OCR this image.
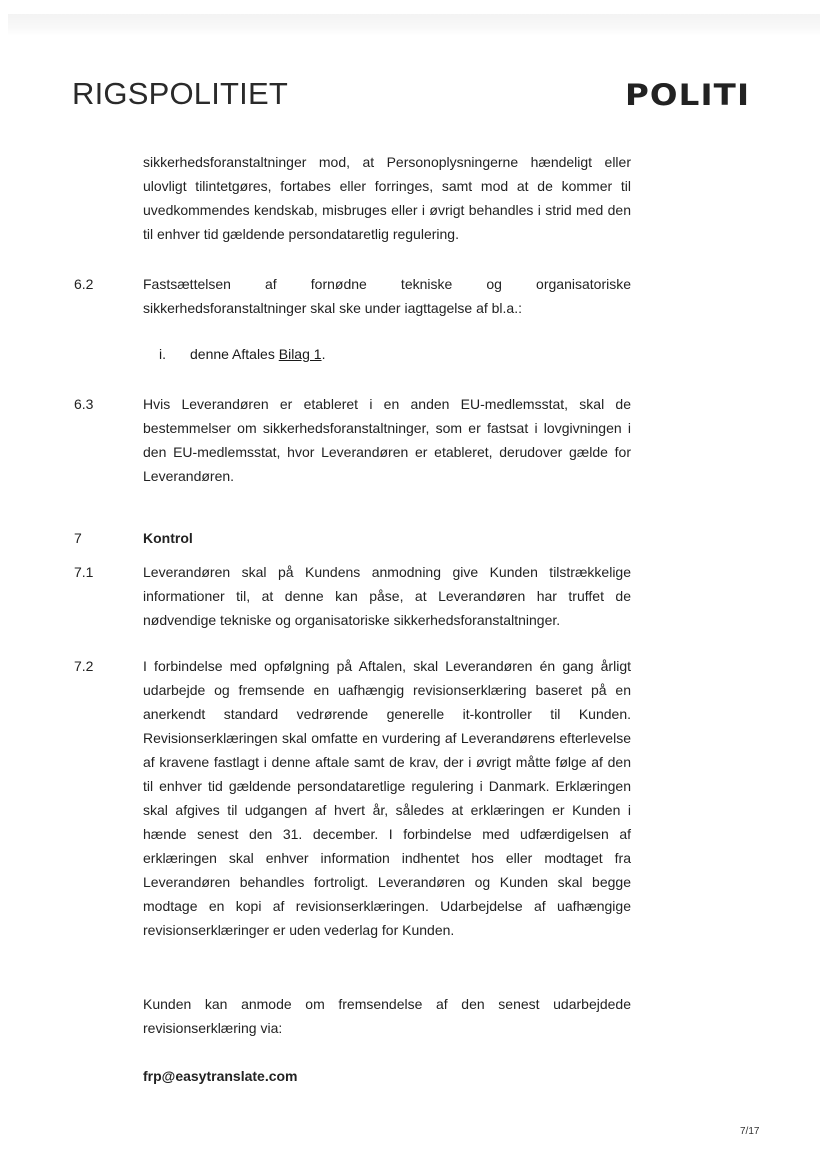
RIGSPOLITIET	POLITI
sikkerhedsforanstaltninger mod, at Personoplysningerne hændeligt eller ulovligt tilintetgøres, fortabes eller forringes, samt mod at de kommer til uvedkommendes kendskab, misbruges eller i øvrigt behandles i strid med den til enhver tid gældende persondataretlig regulering.
6.2	Fastsættelsen af fornødne tekniske og organisatoriske sikkerhedsforanstaltninger skal ske under iagttagelse af bl.a.:
i. denne Aftales Bilag 1.
6.3	Hvis Leverandøren er etableret i en anden EU-medlemsstat, skal de bestemmelser om sikkerhedsforanstaltninger, som er fastsat i lovgivningen i den EU-medlemsstat, hvor Leverandøren er etableret, derudover gælde for Leverandøren.
7	Kontrol
7.1	Leverandøren skal på Kundens anmodning give Kunden tilstrækkelige informationer til, at denne kan påse, at Leverandøren har truffet de nødvendige tekniske og organisatoriske sikkerhedsforanstaltninger.
7.2	I forbindelse med opfølgning på Aftalen, skal Leverandøren én gang årligt udarbejde og fremsende en uafhængig revisionserklæring baseret på en anerkendt standard vedrørende generelle it-kontroller til Kunden. Revisionserklæringen skal omfatte en vurdering af Leverandørens efterlevelse af kravene fastlagt i denne aftale samt de krav, der i øvrigt måtte følge af den til enhver tid gældende persondataretlige regulering i Danmark. Erklæringen skal afgives til udgangen af hvert år, således at erklæringen er Kunden i hænde senest den 31. december. I forbindelse med udfærdigelsen af erklæringen skal enhver information indhentet hos eller modtaget fra Leverandøren behandles fortroligt. Leverandøren og Kunden skal begge modtage en kopi af revisionserklæringen. Udarbejdelse af uafhængige revisionserklæringer er uden vederlag for Kunden.
Kunden kan anmode om fremsendelse af den senest udarbejdede revisionserklæring via:
frp@easytranslate.com
7/17
